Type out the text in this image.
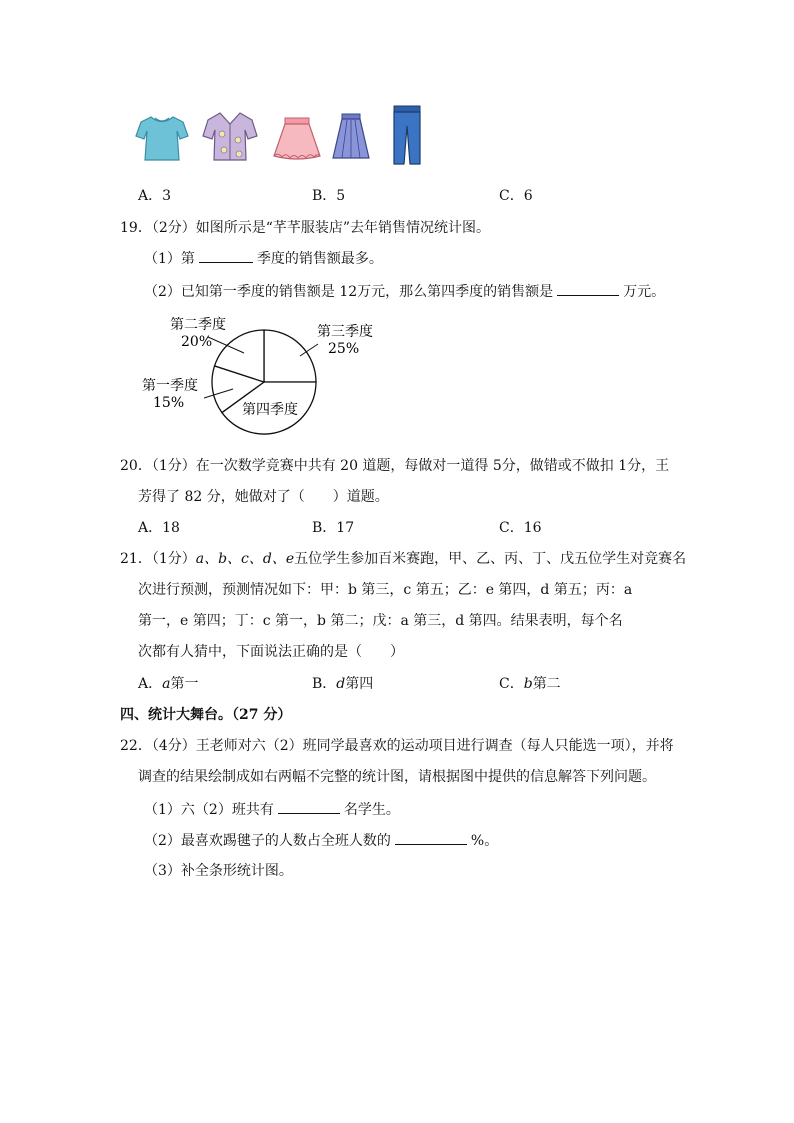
A．3	B．5	C．6
19．（2分）如图所示是“芊芊服装店”去年销售情况统计图。
（1）第	季度的销售额最多。
（2）已知第一季度的销售额是 12万元，那么第四季度的销售额是	万元。
第二季度
20%
第三季度
25%
第一季度
15%	第四季度
20．（1分）在一次数学竞赛中共有 20 道题，每做对一道得 5分，做错或不做扣 1分，王
芳得了 82 分，她做对了（　　）道题。
A．18	B．17	C．16
21．（1分）a、b、c、d、e五位学生参加百米赛跑，甲、乙、丙、丁、戊五位学生对竞赛名
次进行预测，预测情况如下：甲：b 第三，c 第五；乙：e 第四，d 第五；丙：a
第一，e 第四；丁：c 第一，b 第二；戊：a 第三，d 第四。结果表明，每个名
次都有人猜中，下面说法正确的是（　　）
A．a第一	B．d第四	C．b第二
四、统计大舞台。（27 分）
22．（4分）王老师对六（2）班同学最喜欢的运动项目进行调查（每人只能选一项），并将
调查的结果绘制成如右两幅不完整的统计图，请根据图中提供的信息解答下列问题。
（1）六（2）班共有	名学生。
（2）最喜欢踢毽子的人数占全班人数的	%。
（3）补全条形统计图。
